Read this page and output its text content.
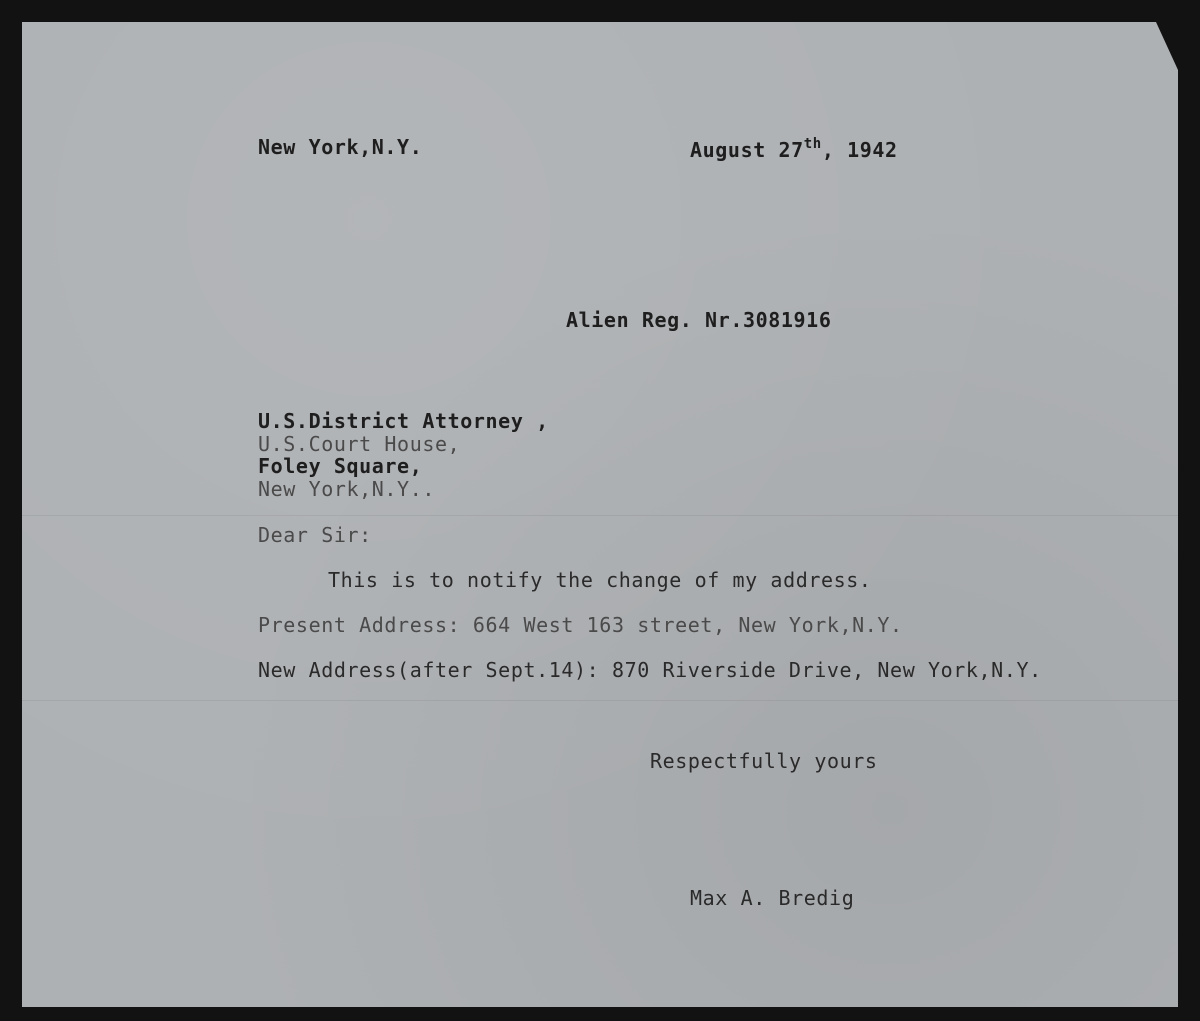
New York,N.Y.	August 27th, 1942
Alien Reg. Nr.3081916
U.S.District Attorney ,
U.S.Court House,
Foley Square,
New York,N.Y..
Dear Sir:
This is to notify the change of my address.
Present Address: 664 West 163 street, New York,N.Y.
New Address(after Sept.14): 870 Riverside Drive, New York,N.Y.
Respectfully yours
Max A. Bredig
